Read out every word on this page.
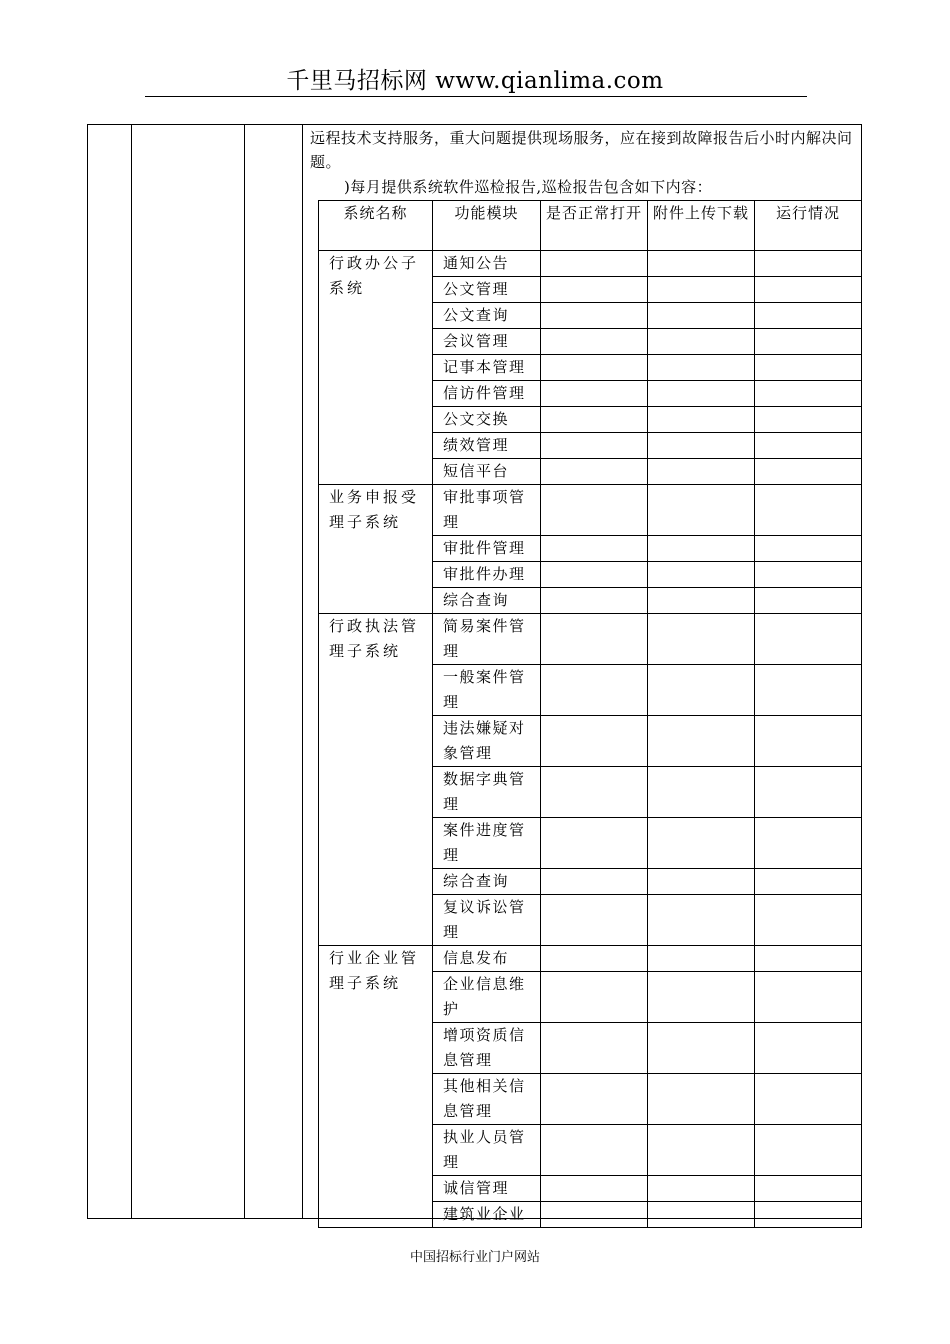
千里马招标网 www.qianlima.com
远程技术支持服务，重大问题提供现场服务，应在接到故障报告后小时内解决问题。
)每月提供系统软件巡检报告,巡检报告包含如下内容：
系统名称	功能模块	是否正常打开	附件上传下载	运行情况
行政办公子系统	通知公告			
	公文管理			
	公文查询			
	会议管理			
	记事本管理			
	信访件管理			
	公文交换			
	绩效管理			
	短信平台			
业务申报受理子系统	审批事项管理			
	审批件管理			
	审批件办理			
	综合查询			
行政执法管理子系统	简易案件管理			
	一般案件管理			
	违法嫌疑对象管理			
	数据字典管理			
	案件进度管理			
	综合查询			
	复议诉讼管理			
行业企业管理子系统	信息发布			
	企业信息维护			
	增项资质信息管理			
	其他相关信息管理			
	执业人员管理			
	诚信管理			
	建筑业企业			
中国招标行业门户网站
